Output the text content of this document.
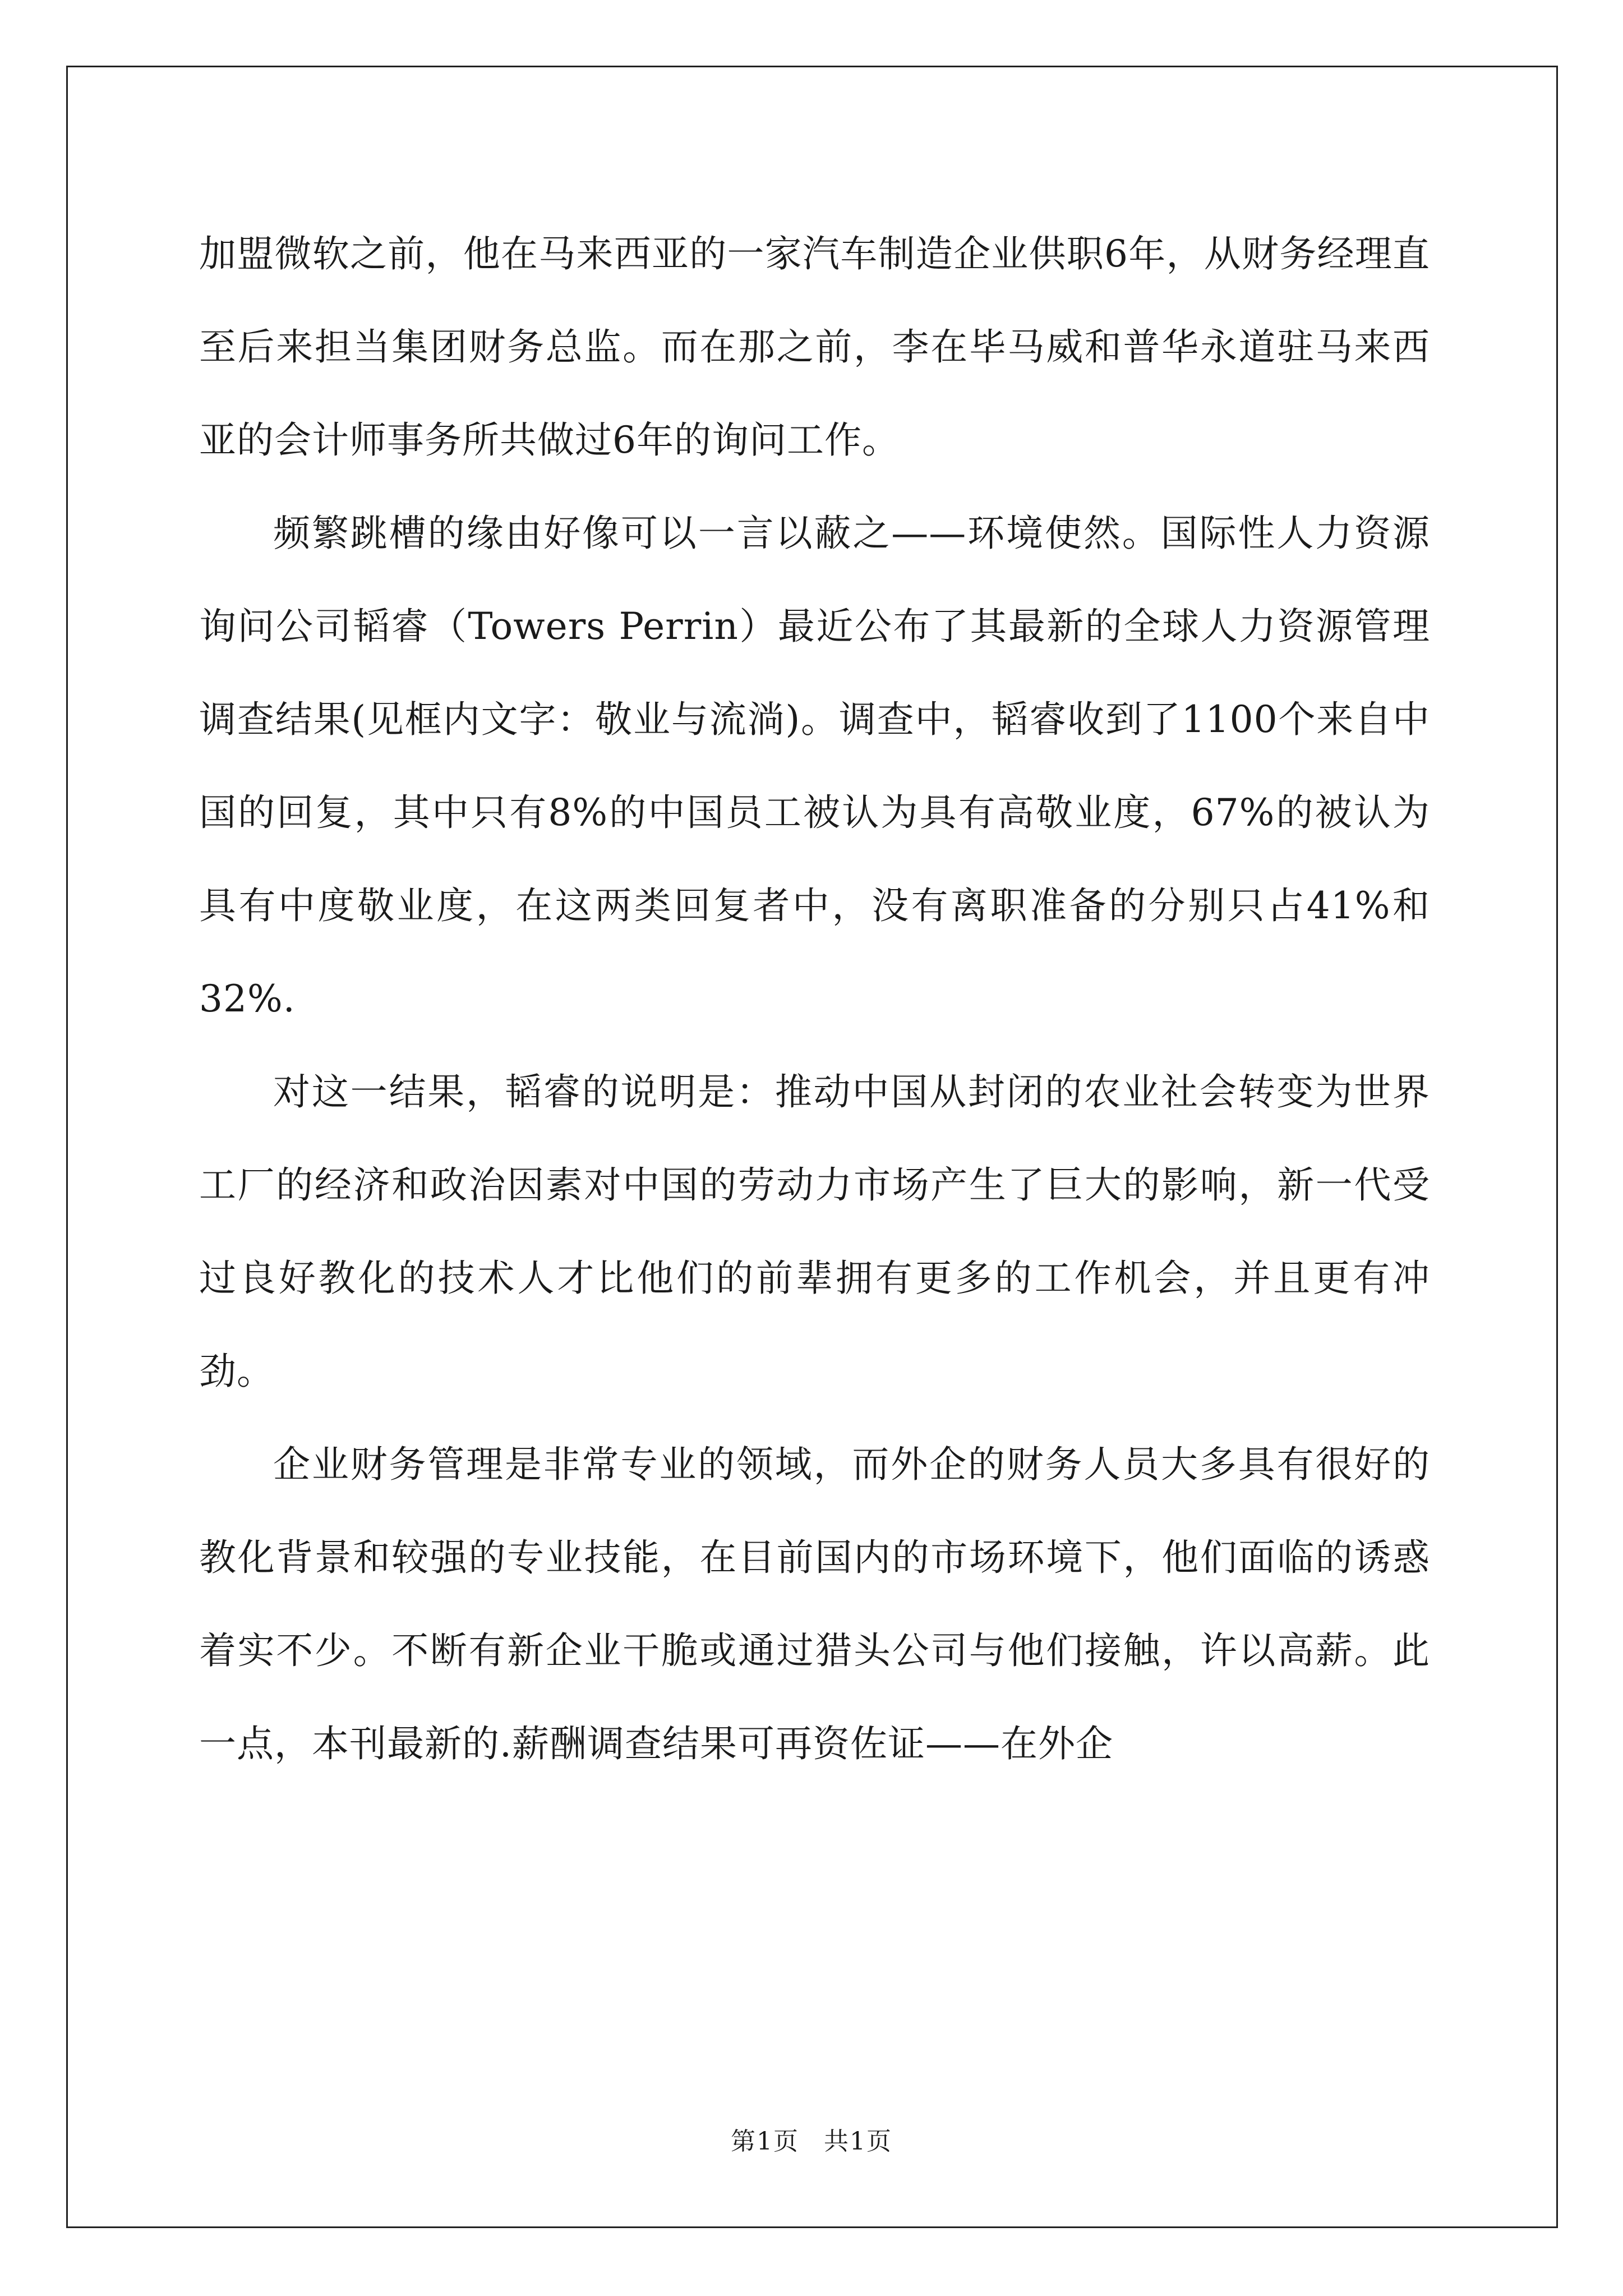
加盟微软之前，他在马来西亚的一家汽车制造企业供职6年，从财务经理直至后来担当集团财务总监。而在那之前，李在毕马威和普华永道驻马来西亚的会计师事务所共做过6年的询问工作。

频繁跳槽的缘由好像可以一言以蔽之——环境使然。国际性人力资源询问公司韬睿（Towers Perrin）最近公布了其最新的全球人力资源管理调查结果(见框内文字：敬业与流淌)。调查中，韬睿收到了1100个来自中国的回复，其中只有8%的中国员工被认为具有高敬业度，67%的被认为具有中度敬业度，在这两类回复者中，没有离职准备的分别只占41%和32%.

对这一结果，韬睿的说明是：推动中国从封闭的农业社会转变为世界工厂的经济和政治因素对中国的劳动力市场产生了巨大的影响，新一代受过良好教化的技术人才比他们的前辈拥有更多的工作机会，并且更有冲劲。

企业财务管理是非常专业的领域，而外企的财务人员大多具有很好的教化背景和较强的专业技能，在目前国内的市场环境下，他们面临的诱惑着实不少。不断有新企业干脆或通过猎头公司与他们接触，许以高薪。此一点，本刊最新的.薪酬调查结果可再资佐证——在外企

第1页 共1页
